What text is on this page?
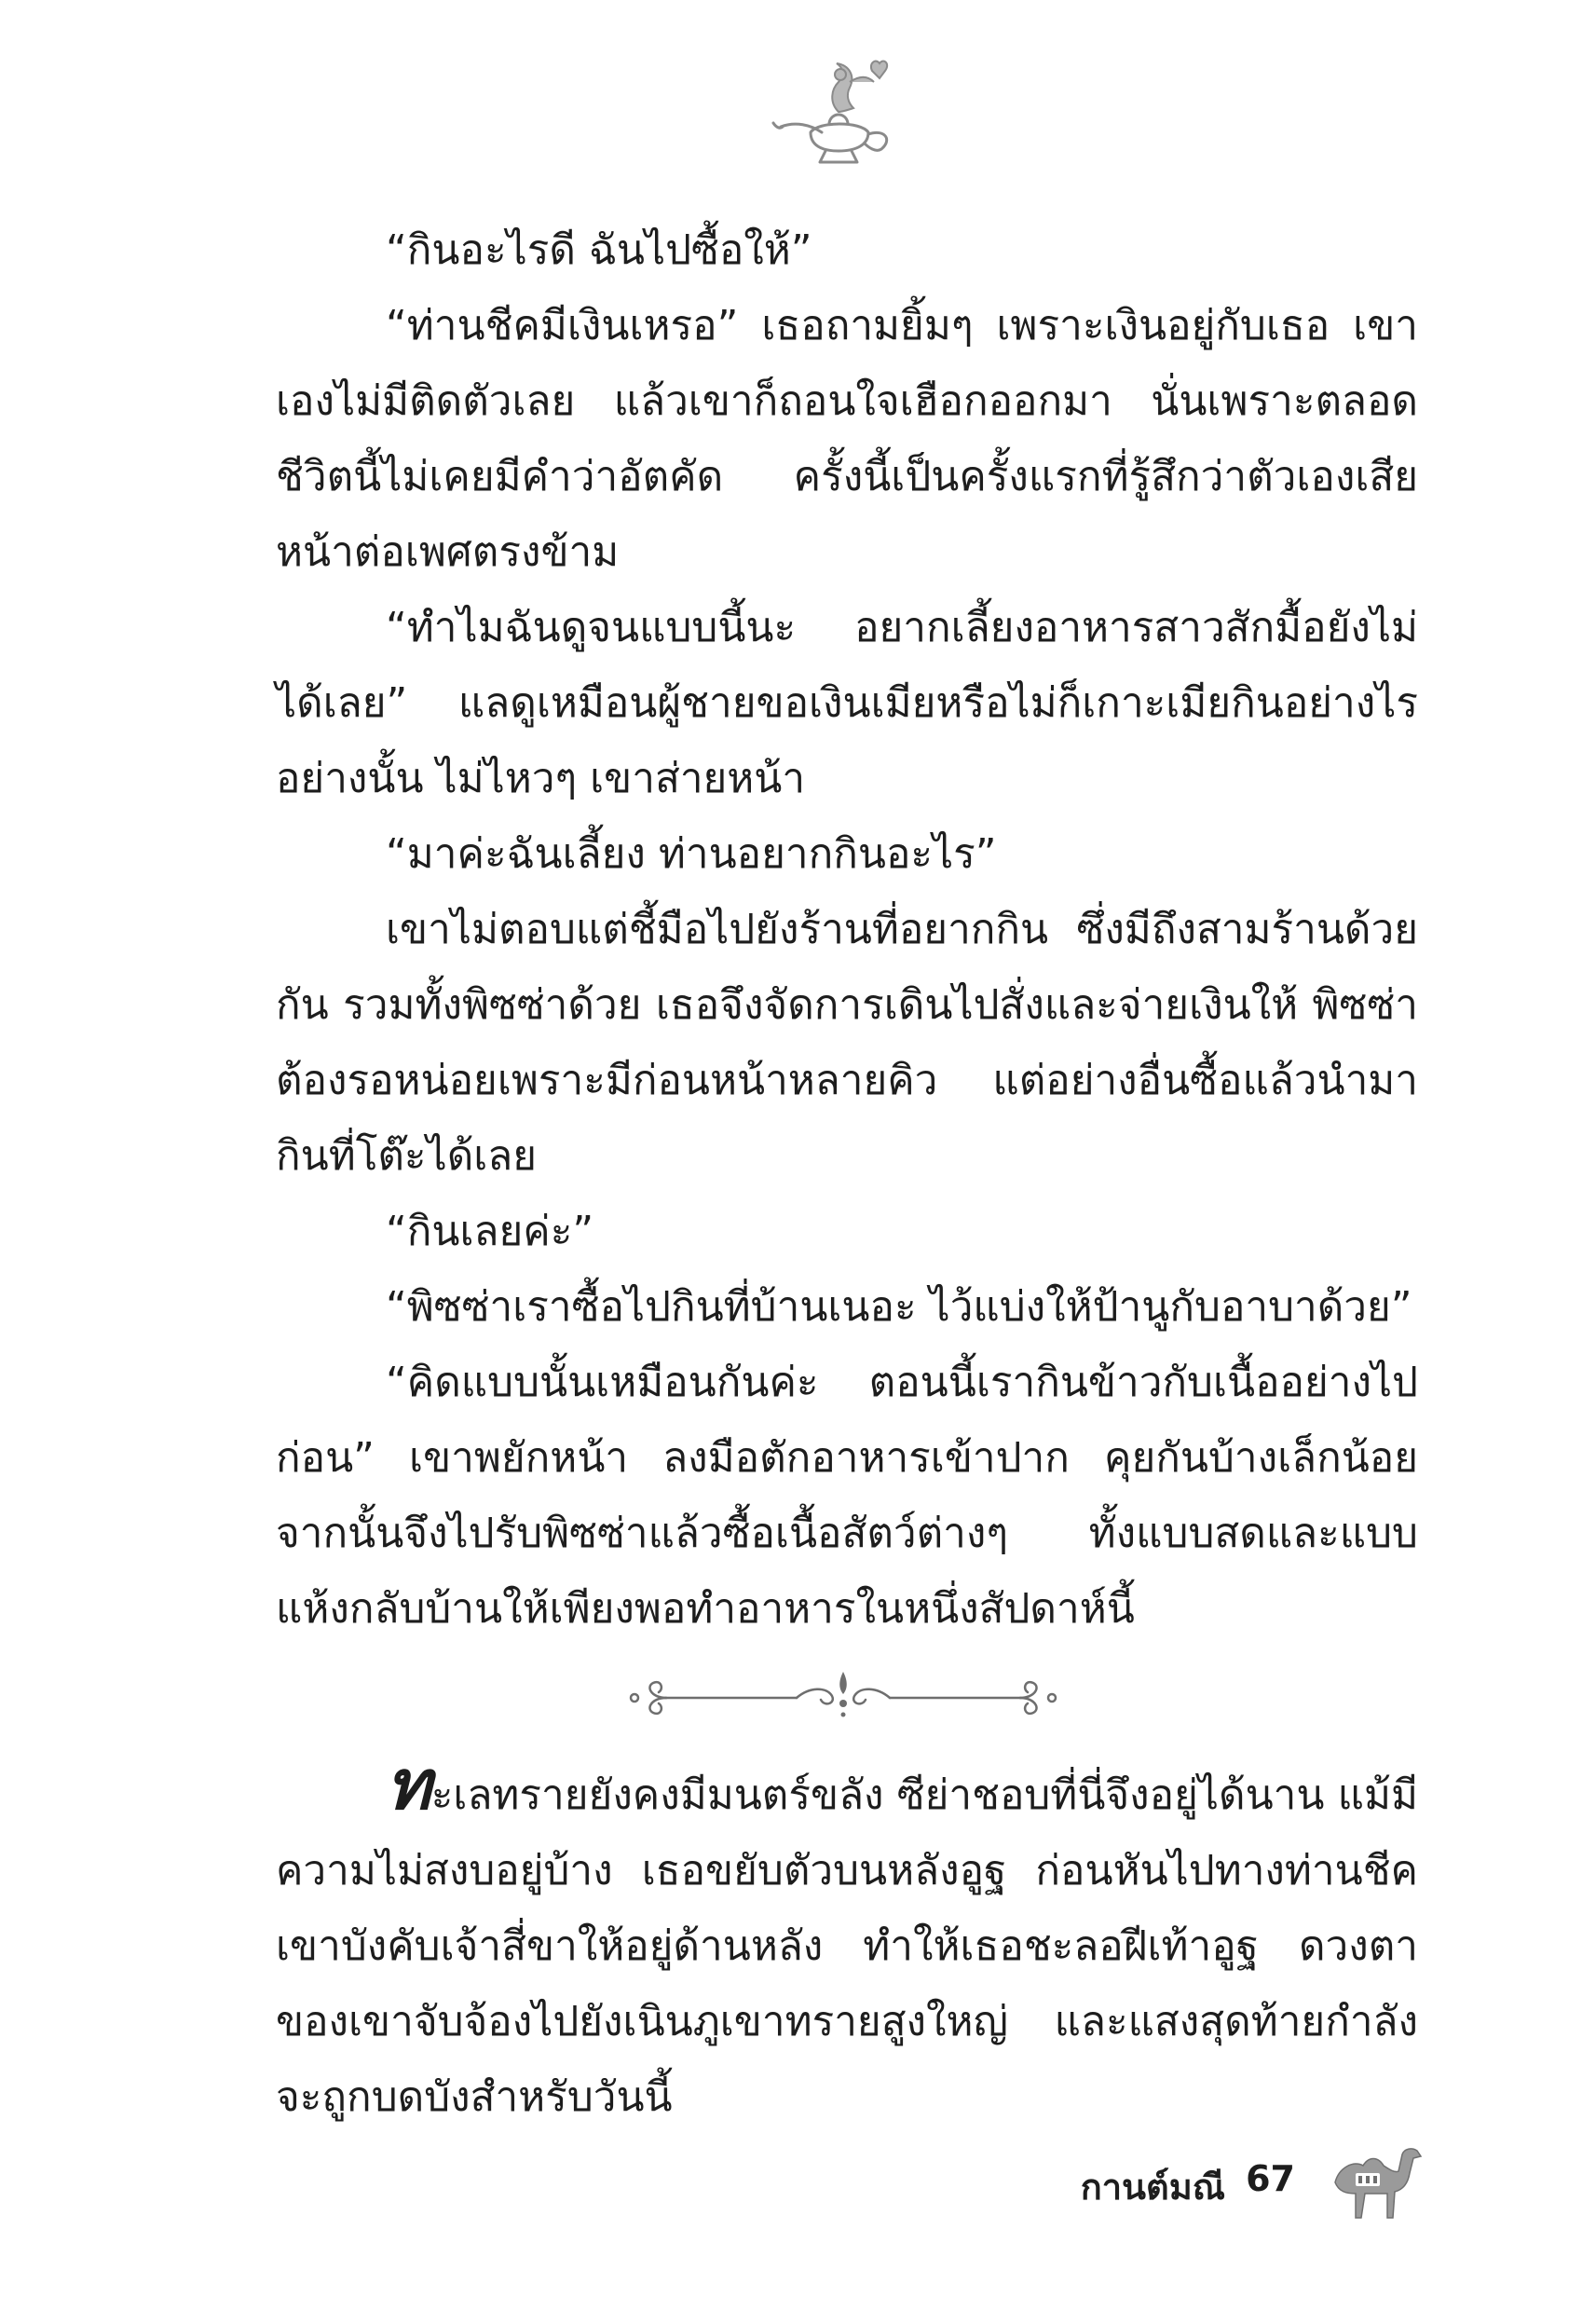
“กินอะไรดี ฉันไปซื้อให้”

“ท่านชีคมีเงินเหรอ” เธอถามยิ้มๆ เพราะเงินอยู่กับเธอ เขาเองไม่มีติดตัวเลย แล้วเขาก็ถอนใจเฮือกออกมา นั่นเพราะตลอดชีวิตนี้ไม่เคยมีคำว่าอัตคัด ครั้งนี้เป็นครั้งแรกที่รู้สึกว่าตัวเองเสียหน้าต่อเพศตรงข้าม

“ทำไมฉันดูจนแบบนี้นะ อยากเลี้ยงอาหารสาวสักมื้อยังไม่ได้เลย” แลดูเหมือนผู้ชายขอเงินเมียหรือไม่ก็เกาะเมียกินอย่างไรอย่างนั้น ไม่ไหวๆ เขาส่ายหน้า

“มาค่ะฉันเลี้ยง ท่านอยากกินอะไร”

เขาไม่ตอบแต่ชี้มือไปยังร้านที่อยากกิน ซึ่งมีถึงสามร้านด้วยกัน รวมทั้งพิซซ่าด้วย เธอจึงจัดการเดินไปสั่งและจ่ายเงินให้ พิซซ่าต้องรอหน่อยเพราะมีก่อนหน้าหลายคิว แต่อย่างอื่นซื้อแล้วนำมากินที่โต๊ะได้เลย

“กินเลยค่ะ”

“พิซซ่าเราซื้อไปกินที่บ้านเนอะ ไว้แบ่งให้ป้านูกับอาบาด้วย”

“คิดแบบนั้นเหมือนกันค่ะ ตอนนี้เรากินข้าวกับเนื้ออย่างไปก่อน” เขาพยักหน้า ลงมือตักอาหารเข้าปาก คุยกันบ้างเล็กน้อย จากนั้นจึงไปรับพิซซ่าแล้วซื้อเนื้อสัตว์ต่างๆ ทั้งแบบสดและแบบแห้งกลับบ้านให้เพียงพอทำอาหารในหนึ่งสัปดาห์นี้

ทะเลทรายยังคงมีมนตร์ขลัง ซีย่าชอบที่นี่จึงอยู่ได้นาน แม้มีความไม่สงบอยู่บ้าง เธอขยับตัวบนหลังอูฐ ก่อนหันไปทางท่านชีค เขาบังคับเจ้าสี่ขาให้อยู่ด้านหลัง ทำให้เธอชะลอฝีเท้าอูฐ ดวงตาของเขาจับจ้องไปยังเนินภูเขาทรายสูงใหญ่ และแสงสุดท้ายกำลังจะถูกบดบังสำหรับวันนี้

กานต์มณี 67
